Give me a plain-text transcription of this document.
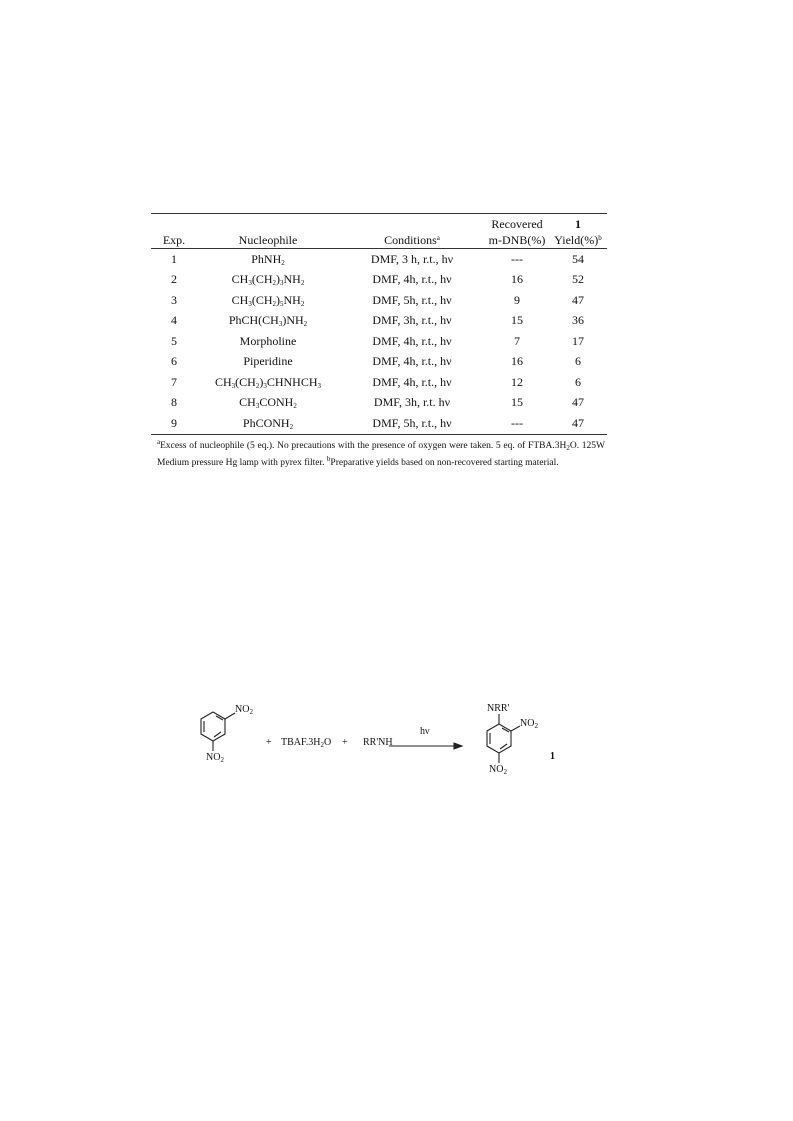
			Recovered	1
Exp.	Nucleophile	Conditions$^a$	m-DNB(%)	Yield(%)$^b$

1	PhNH$_2$	DMF, 3 h, r.t., hν	---	54
2	$CH_3(CH_2)_3NH_2$	DMF, 4h, r.t., hν	16	52
3	$CH_3(CH_2)_5NH_2$	DMF, 5h, r.t., hν	9	47
4	$PhCH(CH_3)NH_2$	DMF, 3h, r.t., hν	15	36
5	Morpholine	DMF, 4h, r.t., hν	7	17
6	Piperidine	DMF, 4h, r.t., hν	16	6
7	$CH_3(CH_2)_3CHNHCH_3$	DMF, 4h, r.t., hν	12	6
8	$CH_3CONH_2$	DMF, 3h, r.t. hν	15	47
9	PhCONH$_2$	DMF, 5h, r.t., hν	---	47
$^a$Excess of nucleophile (5 eq.). No precautions with the presence of oxygen were taken. 5 eq. of $FTBA.3H_2O$. 125W Medium pressure Hg lamp with pyrex filter. $^b$Preparative yields based on non-recovered starting material.
$NO_2$
$NO_2$
+ $TBAF.3H_2O + RR'NH$
hν
NRR'
$NO_2$
$NO_2$
1
